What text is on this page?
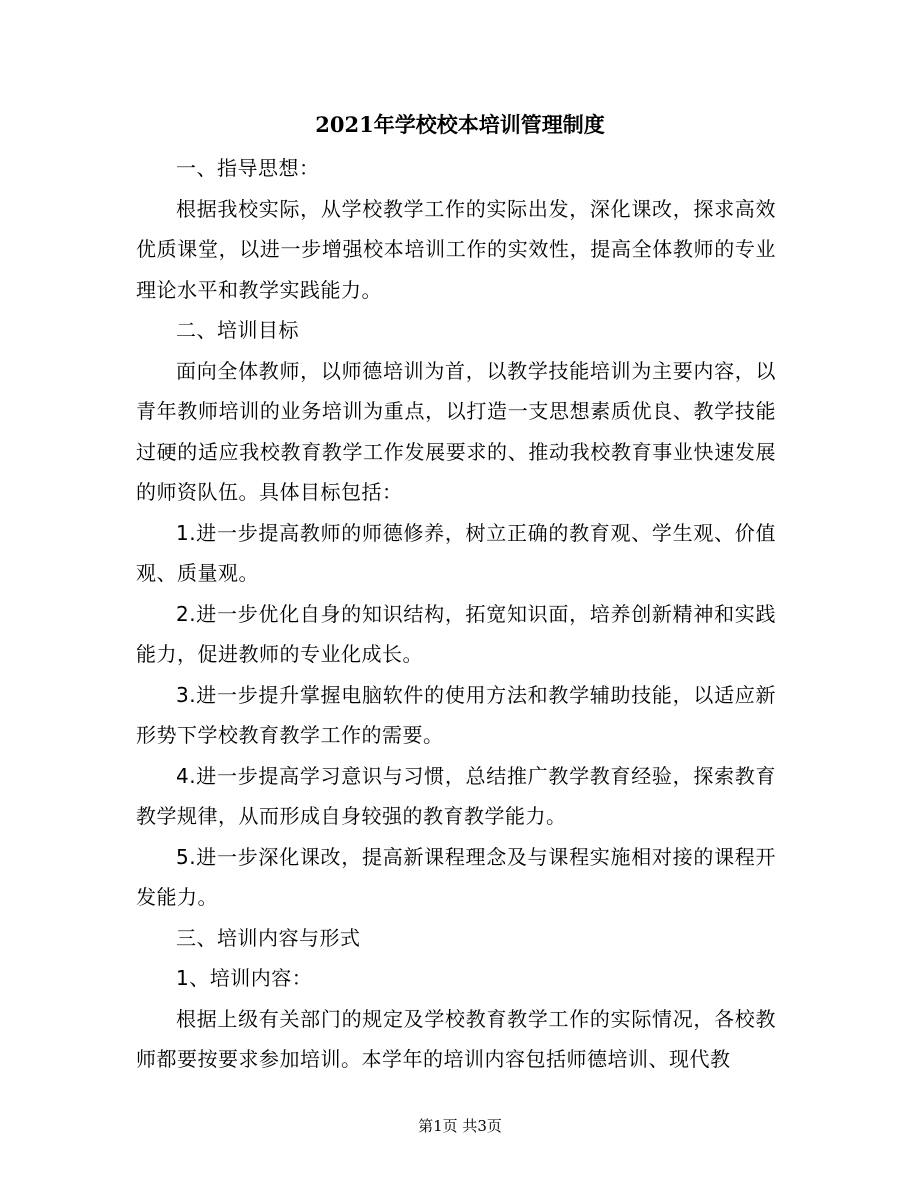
2021年学校校本培训管理制度

一、指导思想：

根据我校实际，从学校教学工作的实际出发，深化课改，探求高效优质课堂，以进一步增强校本培训工作的实效性，提高全体教师的专业理论水平和教学实践能力。

二、培训目标

面向全体教师，以师德培训为首，以教学技能培训为主要内容，以青年教师培训的业务培训为重点，以打造一支思想素质优良、教学技能过硬的适应我校教育教学工作发展要求的、推动我校教育事业快速发展的师资队伍。具体目标包括：

1.进一步提高教师的师德修养，树立正确的教育观、学生观、价值观、质量观。

2.进一步优化自身的知识结构，拓宽知识面，培养创新精神和实践能力，促进教师的专业化成长。

3.进一步提升掌握电脑软件的使用方法和教学辅助技能，以适应新形势下学校教育教学工作的需要。

4.进一步提高学习意识与习惯，总结推广教学教育经验，探索教育教学规律，从而形成自身较强的教育教学能力。

5.进一步深化课改，提高新课程理念及与课程实施相对接的课程开发能力。

三、培训内容与形式

1、培训内容：

根据上级有关部门的规定及学校教育教学工作的实际情况，各校教师都要按要求参加培训。本学年的培训内容包括师德培训、现代教

第1页 共3页
